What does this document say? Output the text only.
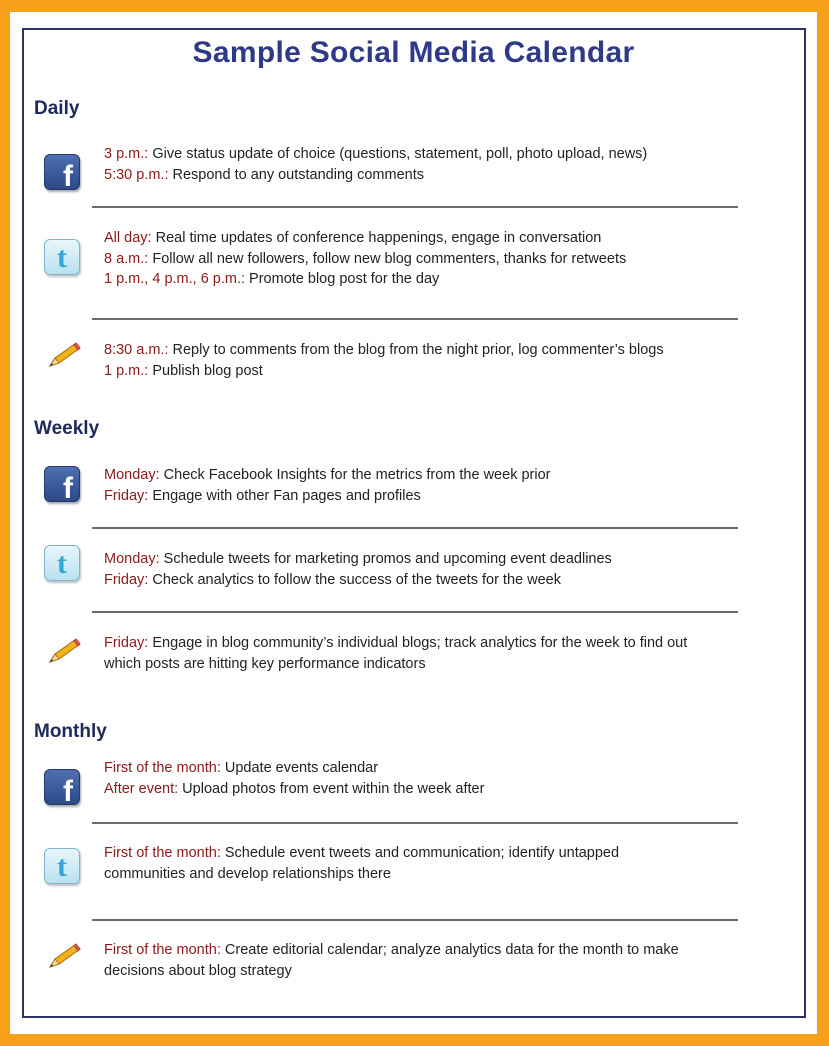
Sample Social Media Calendar
Daily
f
3 p.m.: Give status update of choice (questions, statement, poll, photo upload, news)
5:30 p.m.: Respond to any outstanding comments
t
All day: Real time updates of conference happenings, engage in conversation
8 a.m.: Follow all new followers, follow new blog commenters, thanks for retweets
1 p.m., 4 p.m., 6 p.m.: Promote blog post for the day
8:30 a.m.: Reply to comments from the blog from the night prior, log commenter’s blogs
1 p.m.: Publish blog post
Weekly
f	Monday: Check Facebook Insights for the metrics from the week prior
Friday: Engage with other Fan pages and profiles
t	Monday: Schedule tweets for marketing promos and upcoming event deadlines
Friday: Check analytics to follow the success of the tweets for the week
Friday: Engage in blog community’s individual blogs; track analytics for the week to find out
which posts are hitting key performance indicators
Monthly
f
First of the month: Update events calendar
After event: Upload photos from event within the week after
t	First of the month: Schedule event tweets and communication; identify untapped
communities and develop relationships there
First of the month: Create editorial calendar; analyze analytics data for the month to make
decisions about blog strategy
